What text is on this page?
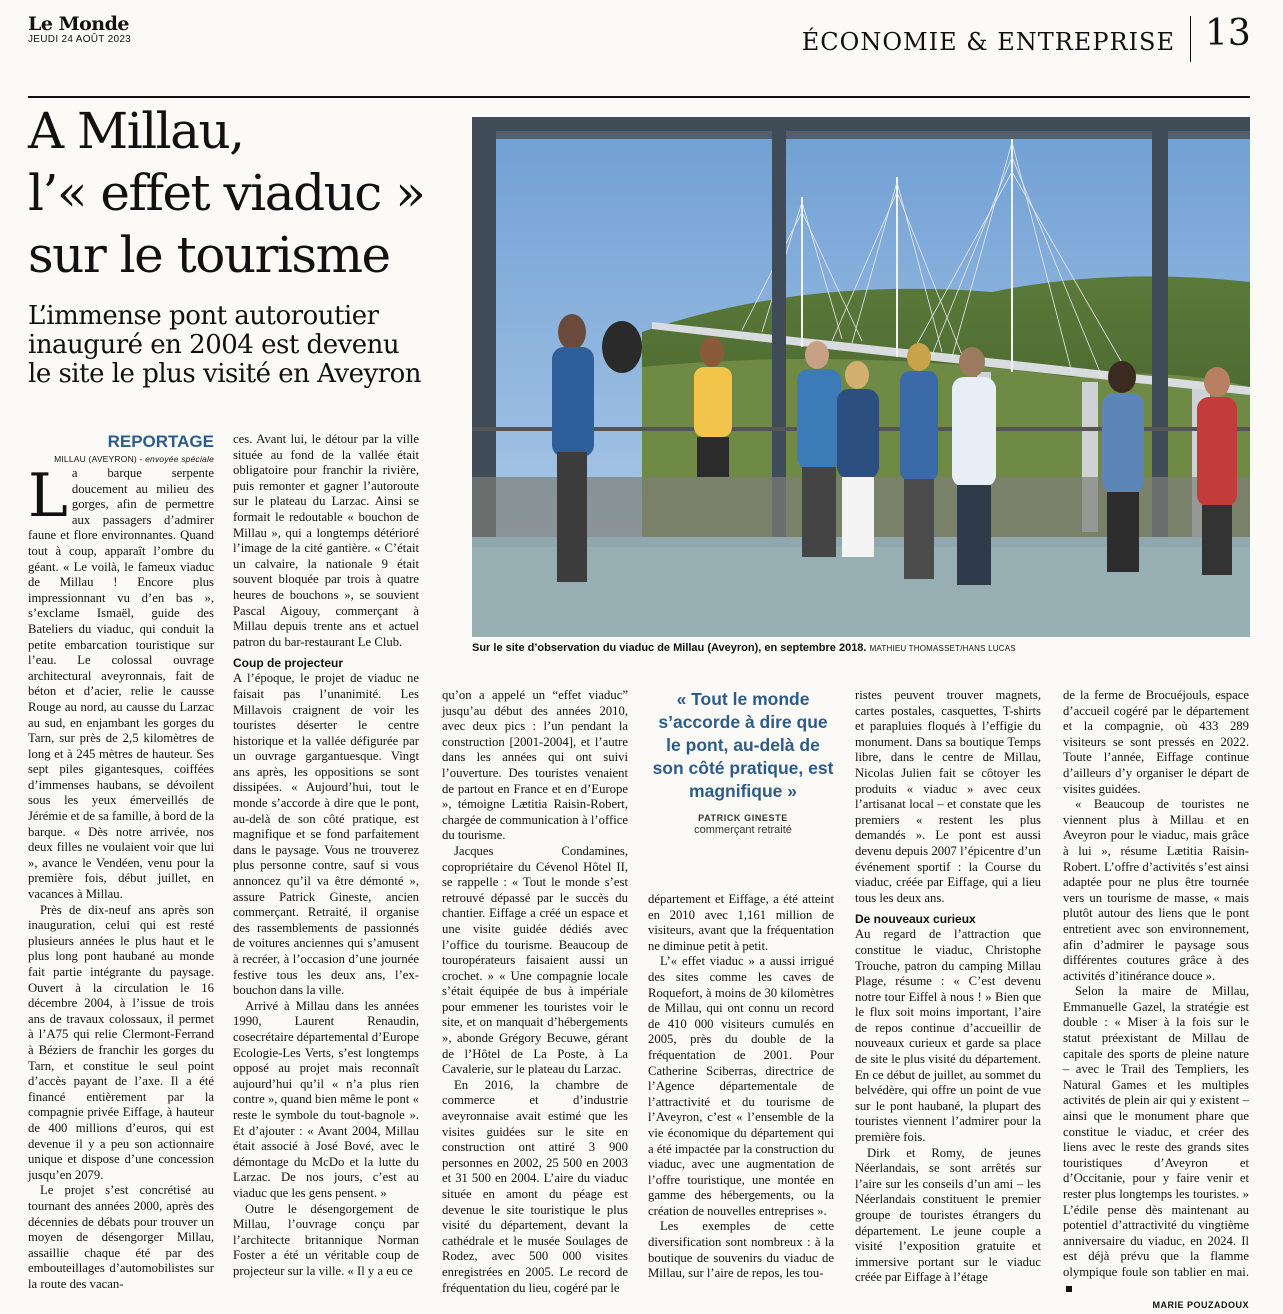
Le Monde
JEUDI 24 AOÛT 2023	ÉCONOMIE & ENTREPRISE 13
A Millau,
l’« effet viaduc »
sur le tourisme
L’immense pont autoroutier
inauguré en 2004 est devenu
le site le plus visité en Aveyron
Sur le site d’observation du viaduc de Millau (Aveyron), en septembre 2018. MATHIEU THOMASSET/HANS LUCAS
REPORTAGE
MILLAU (AVEYRON) - envoyée spéciale

La barque serpente doucement au milieu des gorges, afin de permettre aux passagers d’admirer faune et flore environnantes. Quand tout à coup, apparaît l’ombre du géant. « Le voilà, le fameux viaduc de Millau ! Encore plus impressionnant vu d’en bas », s’exclame Ismaël, guide des Bateliers du viaduc, qui conduit la petite embarcation touristique sur l’eau. Le colossal ouvrage architectural aveyronnais, fait de béton et d’acier, relie le causse Rouge au nord, au causse du Larzac au sud, en enjambant les gorges du Tarn, sur près de 2,5 kilomètres de long et à 245 mètres de hauteur. Ses sept piles gigantesques, coiffées d’immenses haubans, se dévoilent sous les yeux émerveillés de Jérémie et de sa famille, à bord de la barque. « Dès notre arrivée, nos deux filles ne voulaient voir que lui », avance le Vendéen, venu pour la première fois, début juillet, en vacances à Millau.

Près de dix-neuf ans après son inauguration, celui qui est resté plusieurs années le plus haut et le plus long pont haubané au monde fait partie intégrante du paysage. Ouvert à la circulation le 16 décembre 2004, à l’issue de trois ans de travaux colossaux, il permet à l’A75 qui relie Clermont-Ferrand à Béziers de franchir les gorges du Tarn, et constitue le seul point d’accès payant de l’axe. Il a été financé entièrement par la compagnie privée Eiffage, à hauteur de 400 millions d’euros, qui est devenue il y a peu son actionnaire unique et dispose d’une concession jusqu’en 2079.

Le projet s’est concrétisé au tournant des années 2000, après des décennies de débats pour trouver un moyen de désengorger Millau, assaillie chaque été par des embouteillages d’automobilistes sur la route des vacan-

ces. Avant lui, le détour par la ville située au fond de la vallée était obligatoire pour franchir la rivière, puis remonter et gagner l’autoroute sur le plateau du Larzac. Ainsi se formait le redoutable « bouchon de Millau », qui a longtemps détérioré l’image de la cité gantière. « C’était un calvaire, la nationale 9 était souvent bloquée par trois à quatre heures de bouchons », se souvient Pascal Aigouy, commerçant à Millau depuis trente ans et actuel patron du bar-restaurant Le Club.

Coup de projecteur

A l’époque, le projet de viaduc ne faisait pas l’unanimité. Les Millavois craignent de voir les touristes déserter le centre historique et la vallée défigurée par un ouvrage gargantuesque. Vingt ans après, les oppositions se sont dissipées. « Aujourd’hui, tout le monde s’accorde à dire que le pont, au-delà de son côté pratique, est magnifique et se fond parfaitement dans le paysage. Vous ne trouverez plus personne contre, sauf si vous annoncez qu’il va être démonté », assure Patrick Gineste, ancien commerçant. Retraité, il organise des rassemblements de passionnés de voitures anciennes qui s’amusent à recréer, à l’occasion d’une journée festive tous les deux ans, l’ex-bouchon dans la ville.

Arrivé à Millau dans les années 1990, Laurent Renaudin, cosecrétaire départemental d’Europe Ecologie-Les Verts, s’est longtemps opposé au projet mais reconnaît aujourd’hui qu’il « n’a plus rien contre », quand bien même le pont « reste le symbole du tout-bagnole ». Et d’ajouter : « Avant 2004, Millau était associé à José Bové, avec le démontage du McDo et la lutte du Larzac. De nos jours, c’est au viaduc que les gens pensent. »

Outre le désengorgement de Millau, l’ouvrage conçu par l’architecte britannique Norman Foster a été un véritable coup de projecteur sur la ville. « Il y a eu ce

qu’on a appelé un “effet viaduc” jusqu’au début des années 2010, avec deux pics : l’un pendant la construction [2001-2004], et l’autre dans les années qui ont suivi l’ouverture. Des touristes venaient de partout en France et en d’Europe », témoigne Lætitia Raisin-Robert, chargée de communication à l’office du tourisme.

Jacques Condamines, copropriétaire du Cévenol Hôtel II, se rappelle : « Tout le monde s’est retrouvé dépassé par le succès du chantier. Eiffage a créé un espace et une visite guidée dédiés avec l’office du tourisme. Beaucoup de touropérateurs faisaient aussi un crochet. » « Une compagnie locale s’était équipée de bus à impériale pour emmener les touristes voir le site, et on manquait d’hébergements », abonde Grégory Becuwe, gérant de l’Hôtel de La Poste, à La Cavalerie, sur le plateau du Larzac.

En 2016, la chambre de commerce et d’industrie aveyronnaise avait estimé que les visites guidées sur le site en construction ont attiré 3 900 personnes en 2002, 25 500 en 2003 et 31 500 en 2004. L’aire du viaduc située en amont du péage est devenue le site touristique le plus visité du département, devant la cathédrale et le musée Soulages de Rodez, avec 500 000 visites enregistrées en 2005. Le record de fréquentation du lieu, cogéré par le

« Tout le monde s’accorde à dire que le pont, au-delà de son côté pratique, est magnifique »
PATRICK GINESTE
commerçant retraité

département et Eiffage, a été atteint en 2010 avec 1,161 million de visiteurs, avant que la fréquentation ne diminue petit à petit.

L’« effet viaduc » a aussi irrigué des sites comme les caves de Roquefort, à moins de 30 kilomètres de Millau, qui ont connu un record de 410 000 visiteurs cumulés en 2005, près du double de la fréquentation de 2001. Pour Catherine Sciberras, directrice de l’Agence départementale de l’attractivité et du tourisme de l’Aveyron, c’est « l’ensemble de la vie économique du département qui a été impactée par la construction du viaduc, avec une augmentation de l’offre touristique, une montée en gamme des hébergements, ou la création de nouvelles entreprises ».

Les exemples de cette diversification sont nombreux : à la boutique de souvenirs du viaduc de Millau, sur l’aire de repos, les tou-

ristes peuvent trouver magnets, cartes postales, casquettes, T-shirts et parapluies floqués à l’effigie du monument. Dans sa boutique Temps libre, dans le centre de Millau, Nicolas Julien fait se côtoyer les produits « viaduc » avec ceux l’artisanat local – et constate que les premiers « restent les plus demandés ». Le pont est aussi devenu depuis 2007 l’épicentre d’un événement sportif : la Course du viaduc, créée par Eiffage, qui a lieu tous les deux ans.

De nouveaux curieux

Au regard de l’attraction que constitue le viaduc, Christophe Trouche, patron du camping Millau Plage, résume : « C’est devenu notre tour Eiffel à nous ! » Bien que le flux soit moins important, l’aire de repos continue d’accueillir de nouveaux curieux et garde sa place de site le plus visité du département. En ce début de juillet, au sommet du belvédère, qui offre un point de vue sur le pont haubané, la plupart des touristes viennent l’admirer pour la première fois.

Dirk et Romy, de jeunes Néerlandais, se sont arrêtés sur l’aire sur les conseils d’un ami – les Néerlandais constituent le premier groupe de touristes étrangers du département. Le jeune couple a visité l’exposition gratuite et immersive portant sur le viaduc créée par Eiffage à l’étage

de la ferme de Brocuéjouls, espace d’accueil cogéré par le département et la compagnie, où 433 289 visiteurs se sont pressés en 2022. Toute l’année, Eiffage continue d’ailleurs d’y organiser le départ de visites guidées.

« Beaucoup de touristes ne viennent plus à Millau et en Aveyron pour le viaduc, mais grâce à lui », résume Lætitia Raisin-Robert. L’offre d’activités s’est ainsi adaptée pour ne plus être tournée vers un tourisme de masse, « mais plutôt autour des liens que le pont entretient avec son environnement, afin d’admirer le paysage sous différentes coutures grâce à des activités d’itinérance douce ».

Selon la maire de Millau, Emmanuelle Gazel, la stratégie est double : « Miser à la fois sur le statut préexistant de Millau de capitale des sports de pleine nature – avec le Trail des Templiers, les Natural Games et les multiples activités de plein air qui y existent – ainsi que le monument phare que constitue le viaduc, et créer des liens avec le reste des grands sites touristiques d’Aveyron et d’Occitanie, pour y faire venir et rester plus longtemps les touristes. » L’édile pense dès maintenant au potentiel d’attractivité du vingtième anniversaire du viaduc, en 2024. Il est déjà prévu que la flamme olympique foule son tablier en mai.

MARIE POUZADOUX
